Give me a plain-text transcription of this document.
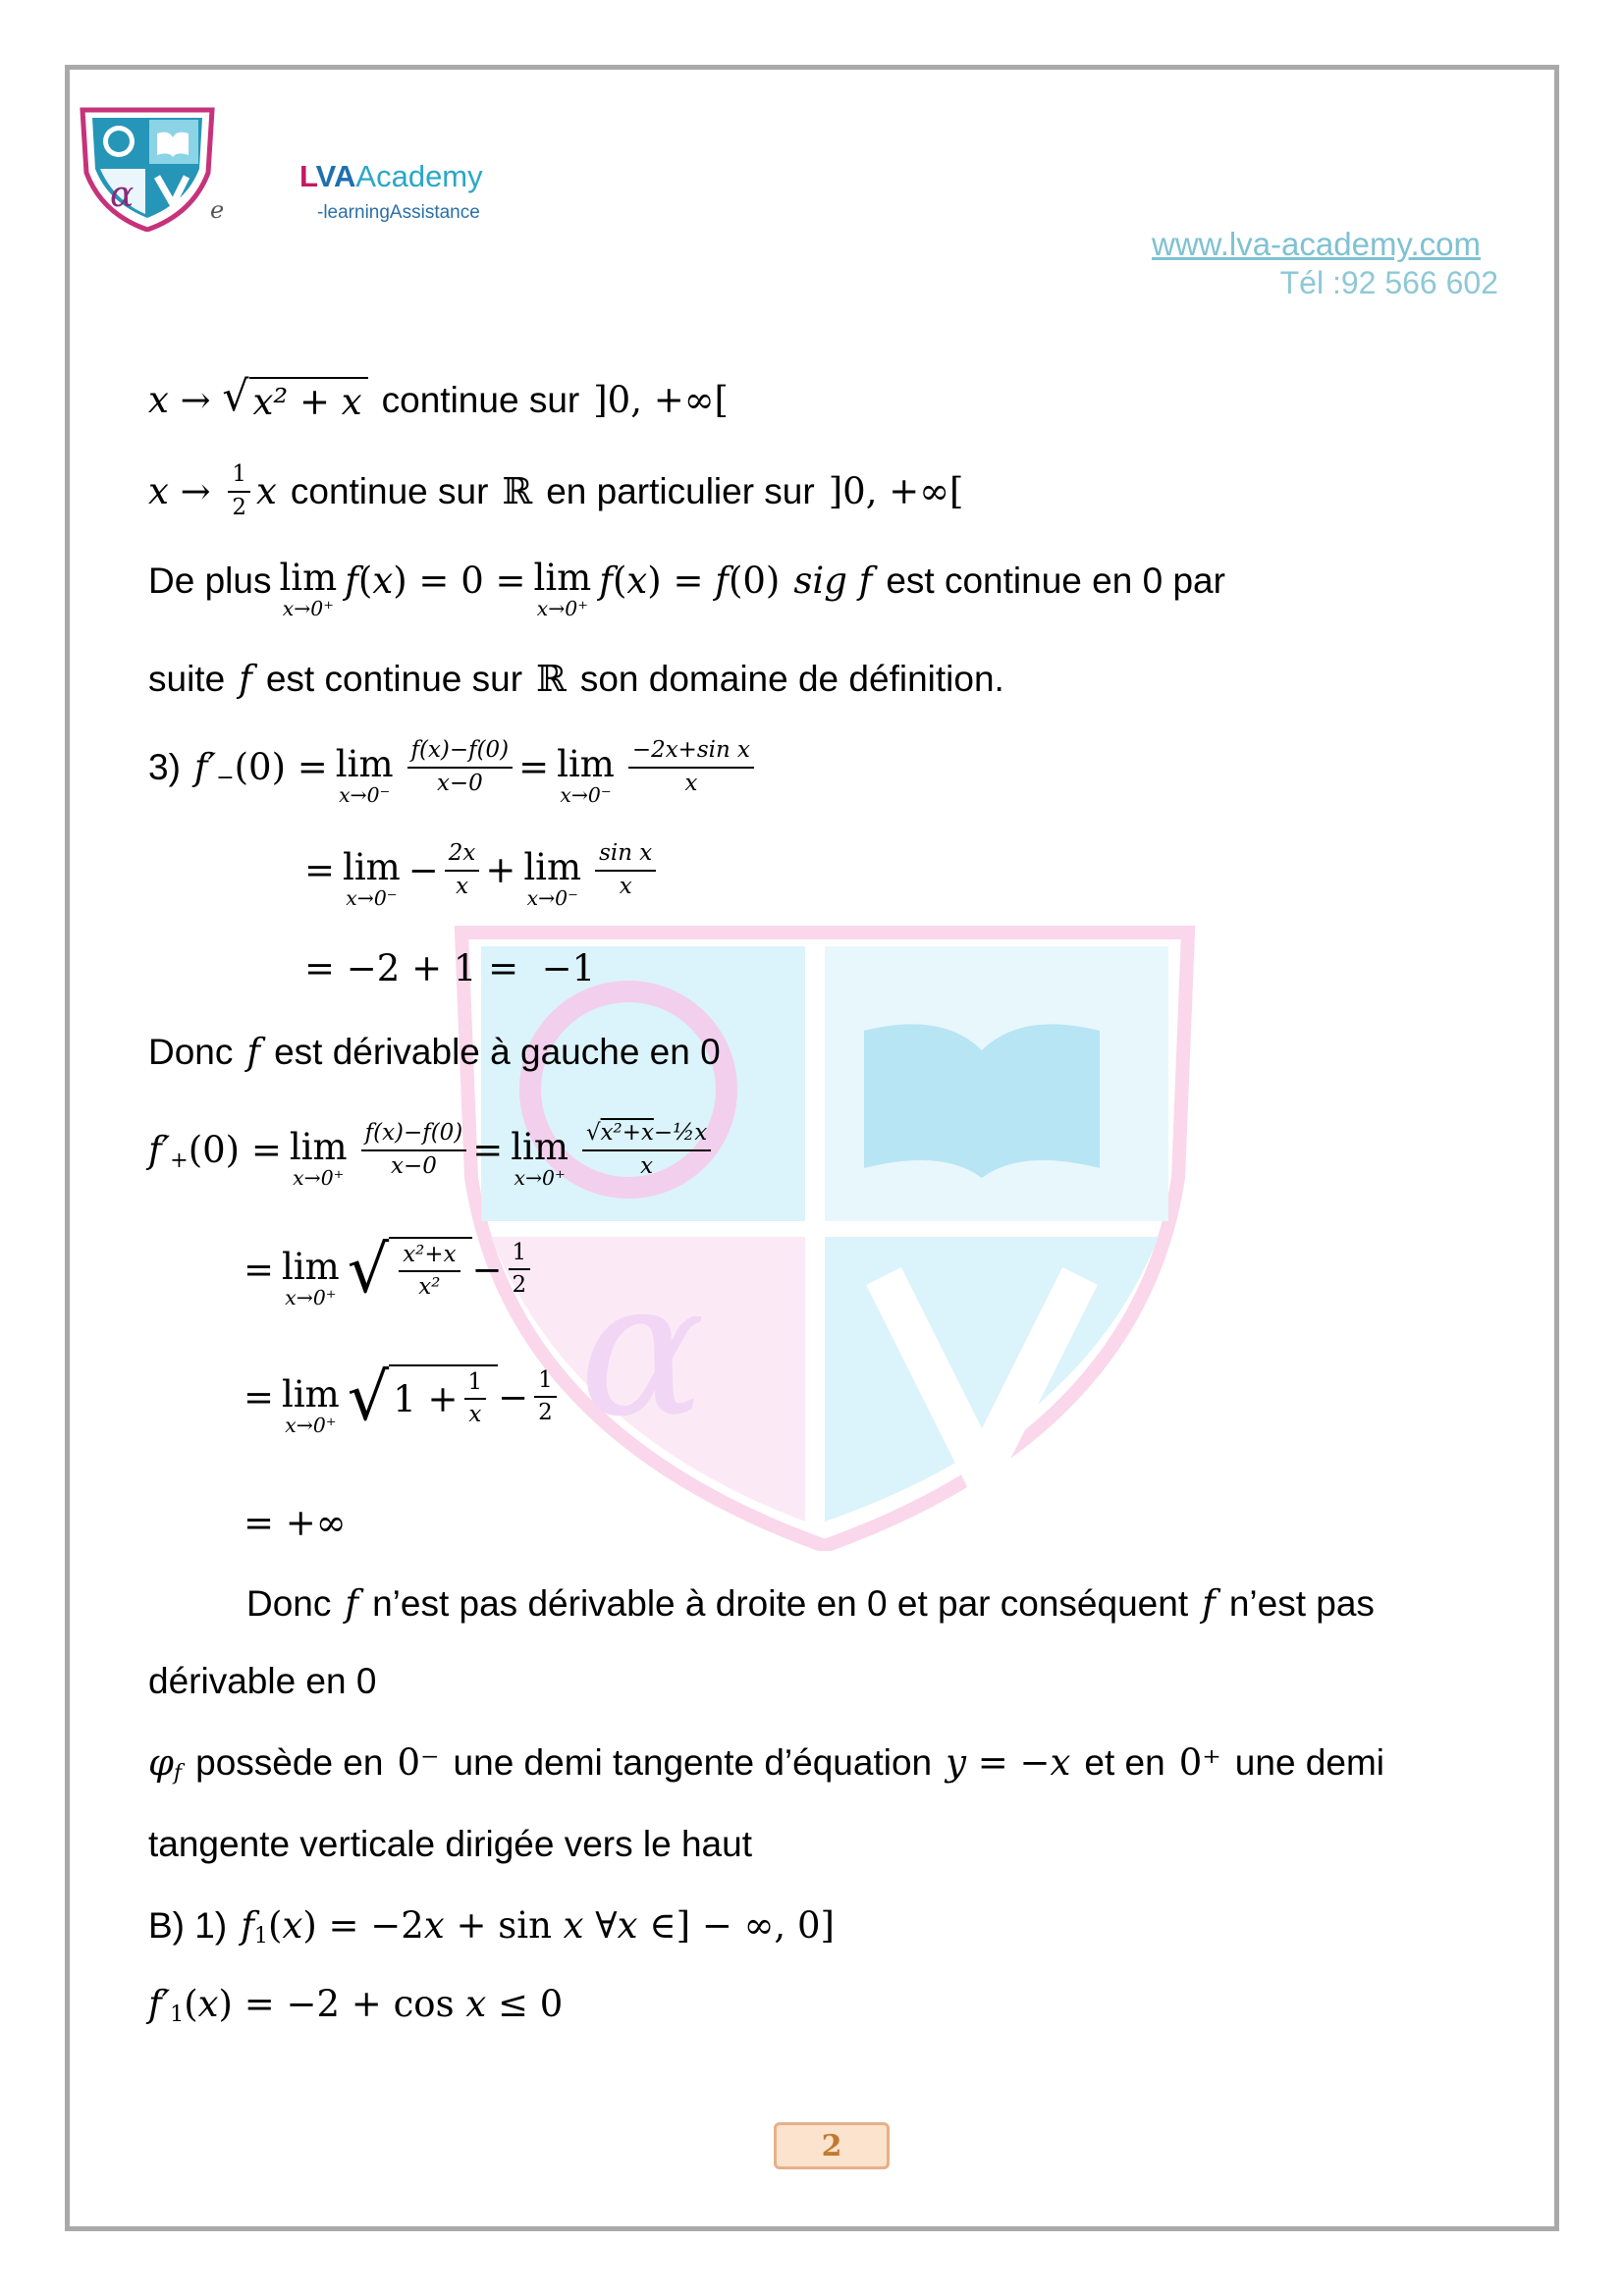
α	e
LVAAcademy
-learningAssistance
www.lva-academy.com
Tél :92 566 602
α
x → √ x² + x continue sur ]0, +∞[
$x \to \frac{1}{2}$ x continue sur ℝ en particulier sur ]0, +∞[
De plus lim
x→0⁺
f ( x ) = 0 = lim
x→0⁺
f ( x ) = f (0) sig f est continue en 0 par
suite f est continue sur ℝ son domaine de définition.
3) f′ − (0) = lim
$x\to 0^- \frac{f(x)-f(0)}{x-0} = \lim$
$x\to 0^- \frac{\text{−2x+sin x}}{x}$
= lim
x→0⁻
− $\frac{2x}{x} + \lim$
$x\to 0^- \frac{\text{sin x}}{x}$
= −2 + 1 =  −1
Donc f est dérivable à gauche en 0
f′ + (0) = lim
$x\to 0^+ \frac{f(x)-f(0)}{x-0} = \lim$
$x\to 0^+ \frac{\text{√x²+x−½x}}{x}$
= lim
x→0⁺ √ $\frac{\text{x²+x}}{\text{x²}} - \frac{1}{2}$
= lim
x→0⁺ √ $1 + \frac{1}{x} - \frac{1}{2}$
= +∞
Donc f n’est pas dérivable à droite en 0 et par conséquent f n’est pas
dérivable en 0
φ f possède en 0⁻ une demi tangente d’équation y = − x et en 0⁺ une demi
tangente verticale dirigée vers le haut
B) 1) f 1 ( x ) = −2 x + sin x ∀ x ∈] − ∞, 0]
f′ 1 ( x ) = −2 + cos x ≤ 0
2
